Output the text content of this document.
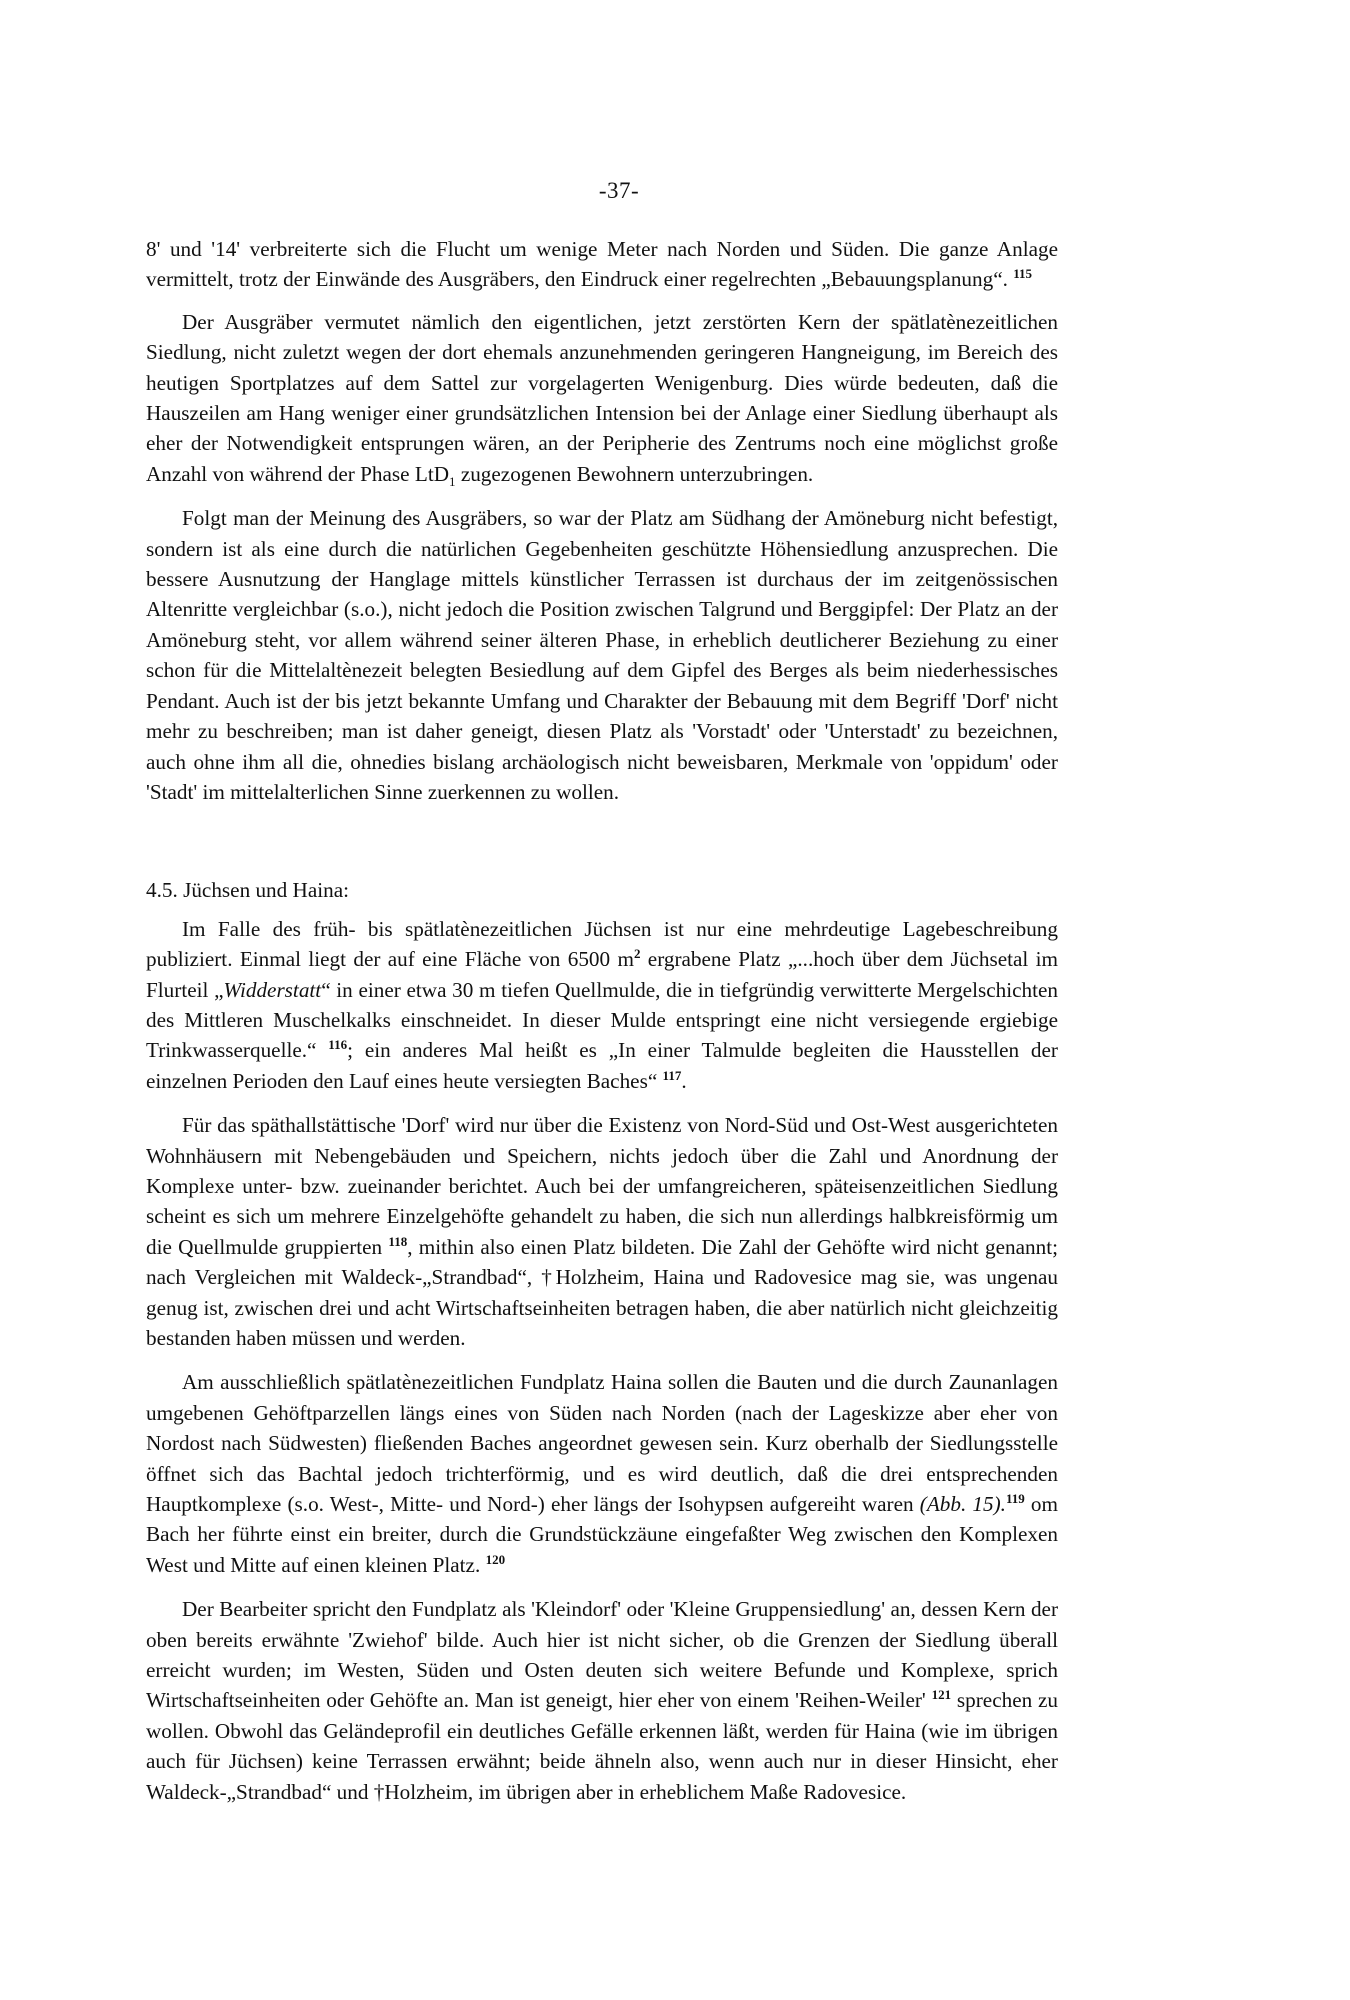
-37-

8' und '14' verbreiterte sich die Flucht um wenige Meter nach Norden und Süden. Die ganze Anlage vermittelt, trotz der Einwände des Ausgräbers, den Eindruck einer regelrechten „Bebauungsplanung“. $^{115}$

Der Ausgräber vermutet nämlich den eigentlichen, jetzt zerstörten Kern der spätlatènezeitlichen Siedlung, nicht zuletzt wegen der dort ehemals anzunehmenden geringeren Hangneigung, im Bereich des heutigen Sportplatzes auf dem Sattel zur vorgelagerten Wenigenburg. Dies würde bedeuten, daß die Hauszeilen am Hang weniger einer grundsätzlichen Intension bei der Anlage einer Siedlung überhaupt als eher der Notwendigkeit entsprungen wären, an der Peripherie des Zentrums noch eine möglichst große Anzahl von während der Phase LtD$_1$ zugezogenen Bewohnern unterzubringen.

Folgt man der Meinung des Ausgräbers, so war der Platz am Südhang der Amöneburg nicht befestigt, sondern ist als eine durch die natürlichen Gegebenheiten geschützte Höhensiedlung anzusprechen. Die bessere Ausnutzung der Hanglage mittels künstlicher Terrassen ist durchaus der im zeitgenössischen Altenritte vergleichbar (s.o.), nicht jedoch die Position zwischen Talgrund und Berggipfel: Der Platz an der Amöneburg steht, vor allem während seiner älteren Phase, in erheblich deutlicherer Beziehung zu einer schon für die Mittelaltènezeit belegten Besiedlung auf dem Gipfel des Berges als beim niederhessisches Pendant. Auch ist der bis jetzt bekannte Umfang und Charakter der Bebauung mit dem Begriff 'Dorf' nicht mehr zu beschreiben; man ist daher geneigt, diesen Platz als 'Vorstadt' oder 'Unterstadt' zu bezeichnen, auch ohne ihm all die, ohnedies bislang archäologisch nicht beweisbaren, Merkmale von 'oppidum' oder 'Stadt' im mittelalterlichen Sinne zuerkennen zu wollen.

4.5. Jüchsen und Haina:

Im Falle des früh- bis spätlatènezeitlichen Jüchsen ist nur eine mehrdeutige Lagebeschreibung publiziert. Einmal liegt der auf eine Fläche von 6500 $m^2$ ergrabene Platz „...hoch über dem Jüchsetal im Flurteil „Widderstatt“ in einer etwa 30 m tiefen Quellmulde, die in tiefgründig verwitterte Mergelschichten des Mittleren Muschelkalks einschneidet. In dieser Mulde entspringt eine nicht versiegende ergiebige Trinkwasserquelle.“ $^{116}$; ein anderes Mal heißt es „In einer Talmulde begleiten die Hausstellen der einzelnen Perioden den Lauf eines heute versiegten Baches“ $^{117}$.

Für das späthallstättische 'Dorf' wird nur über die Existenz von Nord-Süd und Ost-West ausgerichteten Wohnhäusern mit Nebengebäuden und Speichern, nichts jedoch über die Zahl und Anordnung der Komplexe unter- bzw. zueinander berichtet. Auch bei der umfangreicheren, späteisenzeitlichen Siedlung scheint es sich um mehrere Einzelgehöfte gehandelt zu haben, die sich nun allerdings halbkreisförmig um die Quellmulde gruppierten $^{118}$, mithin also einen Platz bildeten. Die Zahl der Gehöfte wird nicht genannt; nach Vergleichen mit Waldeck-„Strandbad“, †Holzheim, Haina und Radovesice mag sie, was ungenau genug ist, zwischen drei und acht Wirtschaftseinheiten betragen haben, die aber natürlich nicht gleichzeitig bestanden haben müssen und werden.

Am ausschließlich spätlatènezeitlichen Fundplatz Haina sollen die Bauten und die durch Zaunanlagen umgebenen Gehöftparzellen längs eines von Süden nach Norden (nach der Lageskizze aber eher von Nordost nach Südwesten) fließenden Baches angeordnet gewesen sein. Kurz oberhalb der Siedlungsstelle öffnet sich das Bachtal jedoch trichterförmig, und es wird deutlich, daß die drei entsprechenden Hauptkomplexe (s.o. West-, Mitte- und Nord-) eher längs der Isohypsen aufgereiht waren (Abb. 15).$^{119}$ om Bach her führte einst ein breiter, durch die Grundstückzäune eingefaßter Weg zwischen den Komplexen West und Mitte auf einen kleinen Platz. $^{120}$

Der Bearbeiter spricht den Fundplatz als 'Kleindorf' oder 'Kleine Gruppensiedlung' an, dessen Kern der oben bereits erwähnte 'Zwiehof' bilde. Auch hier ist nicht sicher, ob die Grenzen der Siedlung überall erreicht wurden; im Westen, Süden und Osten deuten sich weitere Befunde und Komplexe, sprich Wirtschaftseinheiten oder Gehöfte an. Man ist geneigt, hier eher von einem 'Reihen-Weiler' $^{121}$ sprechen zu wollen. Obwohl das Geländeprofil ein deutliches Gefälle erkennen läßt, werden für Haina (wie im übrigen auch für Jüchsen) keine Terrassen erwähnt; beide ähneln also, wenn auch nur in dieser Hinsicht, eher Waldeck-„Strandbad“ und †Holzheim, im übrigen aber in erheblichem Maße Radovesice.
